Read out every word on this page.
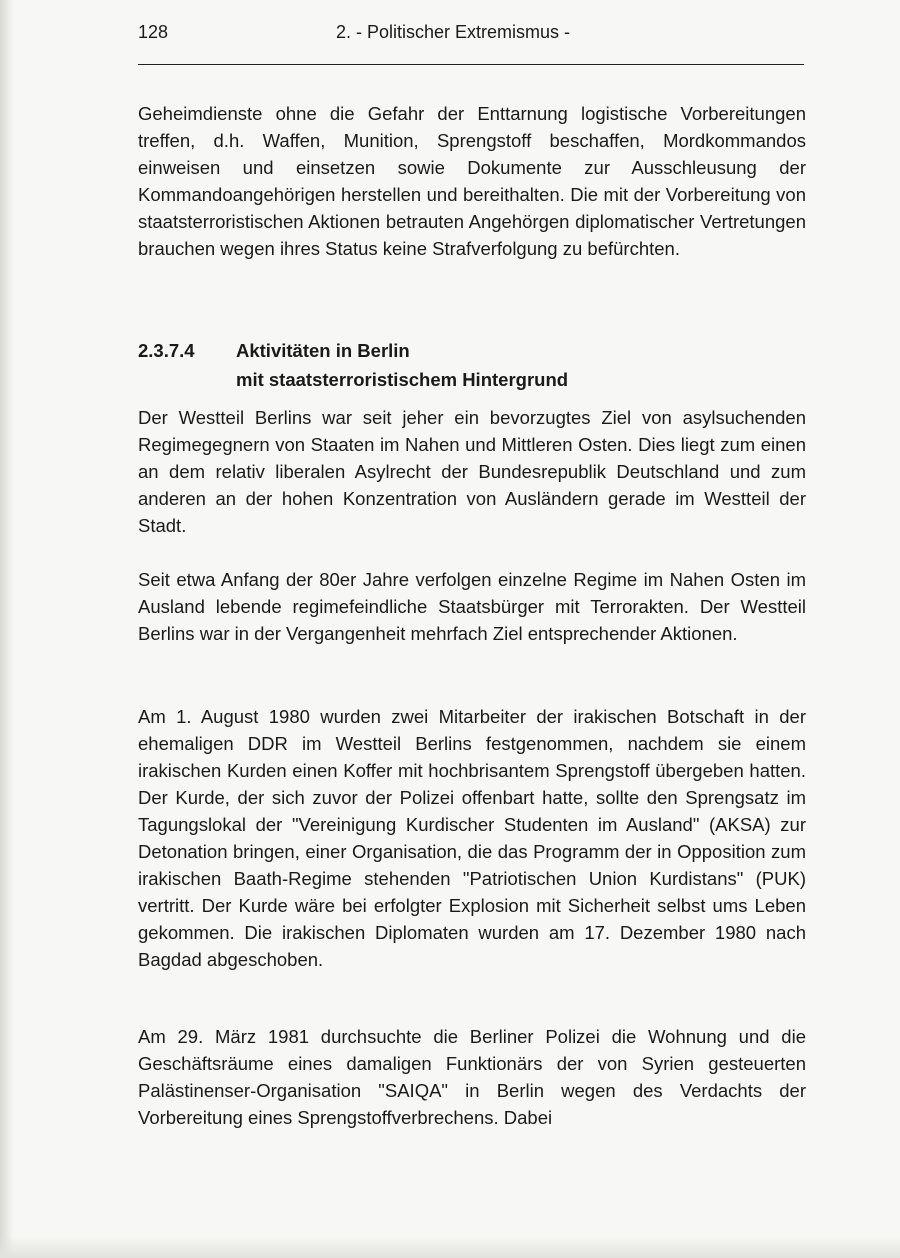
128	2. - Politischer Extremismus -

Geheimdienste ohne die Gefahr der Enttarnung logistische Vorbereitungen treffen, d.h. Waffen, Munition, Sprengstoff beschaffen, Mordkommandos einweisen und einsetzen sowie Dokumente zur Ausschleusung der Kommandoangehörigen herstellen und bereithalten. Die mit der Vorbereitung von staatsterroristischen Aktionen betrauten Angehörgen diplomatischer Vertretungen brauchen wegen ihres Status keine Strafverfolgung zu befürchten.

2.3.7.4 Aktivitäten in Berlin
mit staatsterroristischem Hintergrund

Der Westteil Berlins war seit jeher ein bevorzugtes Ziel von asylsuchenden Regimegegnern von Staaten im Nahen und Mittleren Osten. Dies liegt zum einen an dem relativ liberalen Asylrecht der Bundesrepublik Deutschland und zum anderen an der hohen Konzentration von Ausländern gerade im Westteil der Stadt.

Seit etwa Anfang der 80er Jahre verfolgen einzelne Regime im Nahen Osten im Ausland lebende regimefeindliche Staatsbürger mit Terrorakten. Der Westteil Berlins war in der Vergangenheit mehrfach Ziel entsprechender Aktionen.

Am 1. August 1980 wurden zwei Mitarbeiter der irakischen Botschaft in der ehemaligen DDR im Westteil Berlins festgenommen, nachdem sie einem irakischen Kurden einen Koffer mit hochbrisantem Sprengstoff übergeben hatten. Der Kurde, der sich zuvor der Polizei offenbart hatte, sollte den Sprengsatz im Tagungslokal der "Vereinigung Kurdischer Studenten im Ausland" (AKSA) zur Detonation bringen, einer Organisation, die das Programm der in Opposition zum irakischen Baath-Regime stehenden "Patriotischen Union Kurdistans" (PUK) vertritt. Der Kurde wäre bei erfolgter Explosion mit Sicherheit selbst ums Leben gekommen. Die irakischen Diplomaten wurden am 17. Dezember 1980 nach Bagdad abgeschoben.

Am 29. März 1981 durchsuchte die Berliner Polizei die Wohnung und die Geschäftsräume eines damaligen Funktionärs der von Syrien gesteuerten Palästinenser-Organisation "SAIQA" in Berlin wegen des Verdachts der Vorbereitung eines Sprengstoffverbrechens. Dabei
